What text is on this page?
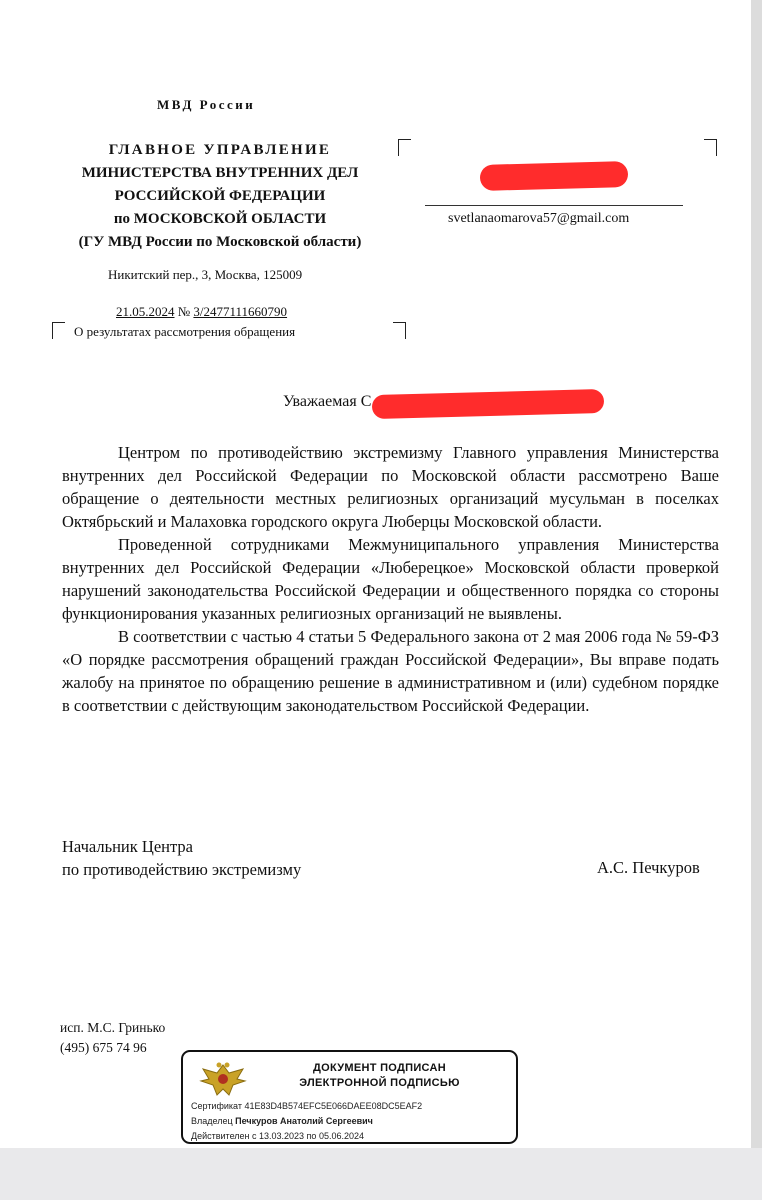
МВД России
ГЛАВНОЕ УПРАВЛЕНИЕ
МИНИСТЕРСТВА ВНУТРЕННИХ ДЕЛ
РОССИЙСКОЙ ФЕДЕРАЦИИ
по МОСКОВСКОЙ ОБЛАСТИ
(ГУ МВД России по Московской области)
Никитский пер., 3, Москва, 125009
21.05.2024 № 3/2477111660790
О результатах рассмотрения обращения
svetlanaomarova57@gmail.com
Уважаемая С

Центром по противодействию экстремизму Главного управления Министерства внутренних дел Российской Федерации по Московской области рассмотрено Ваше обращение о деятельности местных религиозных организаций мусульман в поселках Октябрьский и Малаховка городского округа Люберцы Московской области.

Проведенной сотрудниками Межмуниципального управления Министерства внутренних дел Российской Федерации «Люберецкое» Московской области проверкой нарушений законодательства Российской Федерации и общественного порядка со стороны функционирования указанных религиозных организаций не выявлены.

В соответствии с частью 4 статьи 5 Федерального закона от 2 мая 2006 года № 59-ФЗ «О порядке рассмотрения обращений граждан Российской Федерации», Вы вправе подать жалобу на принятое по обращению решение в административном и (или) судебном порядке в соответствии с действующим законодательством Российской Федерации.

Начальник Центра
по противодействию экстремизму	А.С. Печкуров
исп. М.С. Гринько
(495) 675 74 96
ДОКУМЕНТ ПОДПИСАН
ЭЛЕКТРОННОЙ ПОДПИСЬЮ
Сертификат 41E83D4B574EFC5E066DAEE08DC5EAF2
Владелец Печкуров Анатолий Сергеевич
Действителен с 13.03.2023 по 05.06.2024
